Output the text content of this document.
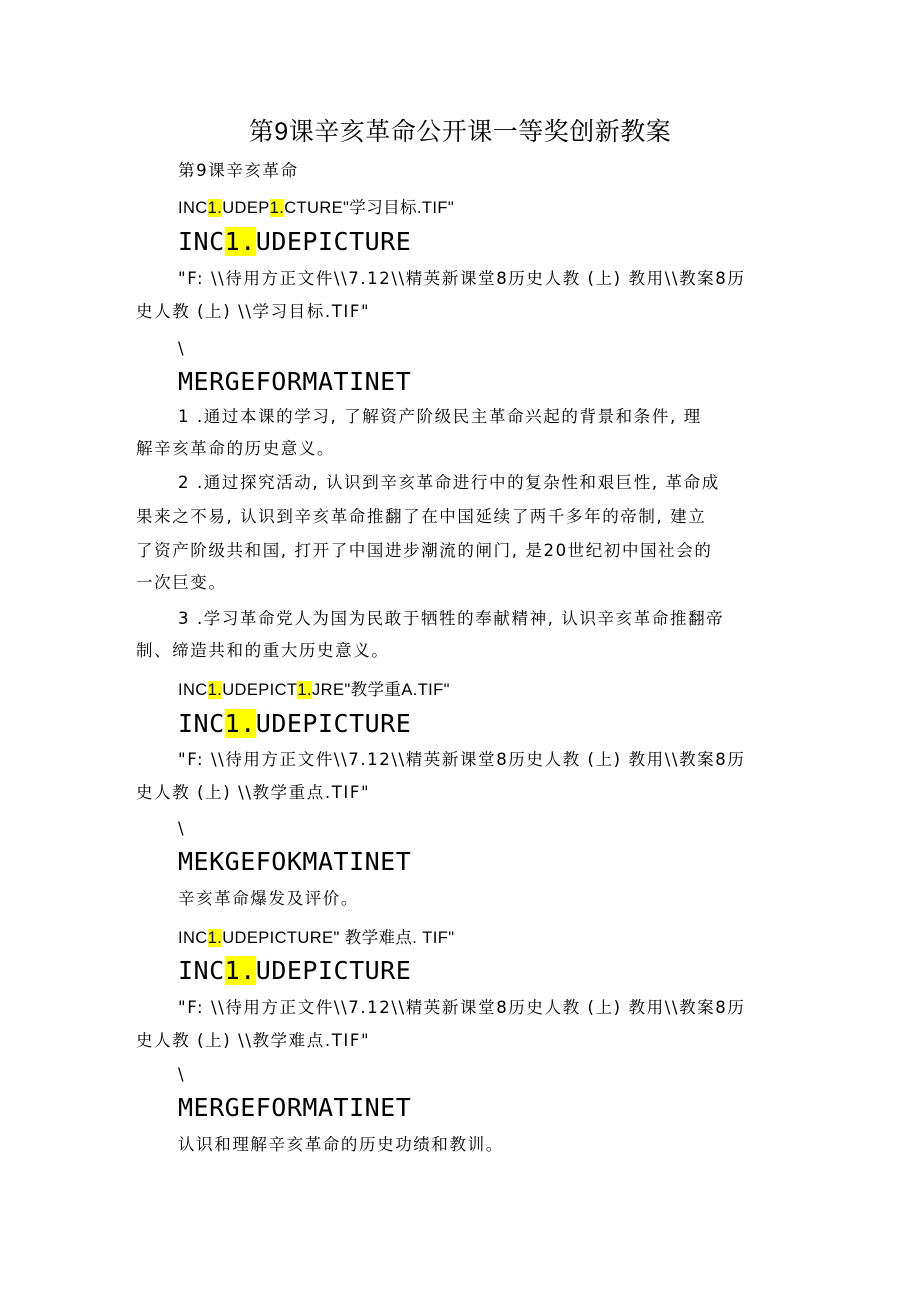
第9课辛亥革命公开课一等奖创新教案
第9课辛亥革命
INC1.UDEP1.CTURE"学习目标.TIF"
INC1.UDEPICTURE
"F: \\待用方正文件\\7.12\\精英新课堂8历史人教 (上) 教用\\教案8历
史人教 (上) \\学习目标.TIF"
\
MERGEFORMATINET
1 .通过本课的学习, 了解资产阶级民主革命兴起的背景和条件, 理
解辛亥革命的历史意义。
2 .通过探究活动, 认识到辛亥革命进行中的复杂性和艰巨性, 革命成
果来之不易, 认识到辛亥革命推翻了在中国延续了两千多年的帝制, 建立
了资产阶级共和国, 打开了中国进步潮流的闸门, 是20世纪初中国社会的
一次巨变。
3 .学习革命党人为国为民敢于牺牲的奉献精神, 认识辛亥革命推翻帝
制、缔造共和的重大历史意义。
INC1.UDEPICT1.JRE"教学重A.TIF"
INC1.UDEPICTURE
"F: \\待用方正文件\\7.12\\精英新课堂8历史人教 (上) 教用\\教案8历
史人教 (上) \\教学重点.TIF"
\
MEKGEFOKMATINET
辛亥革命爆发及评价。
INC1.UDEPICTURE" 教学难点. TIF"
INC1.UDEPICTURE
"F: \\待用方正文件\\7.12\\精英新课堂8历史人教 (上) 教用\\教案8历
史人教 (上) \\教学难点.TIF"
\
MERGEFORMATINET
认识和理解辛亥革命的历史功绩和教训。
